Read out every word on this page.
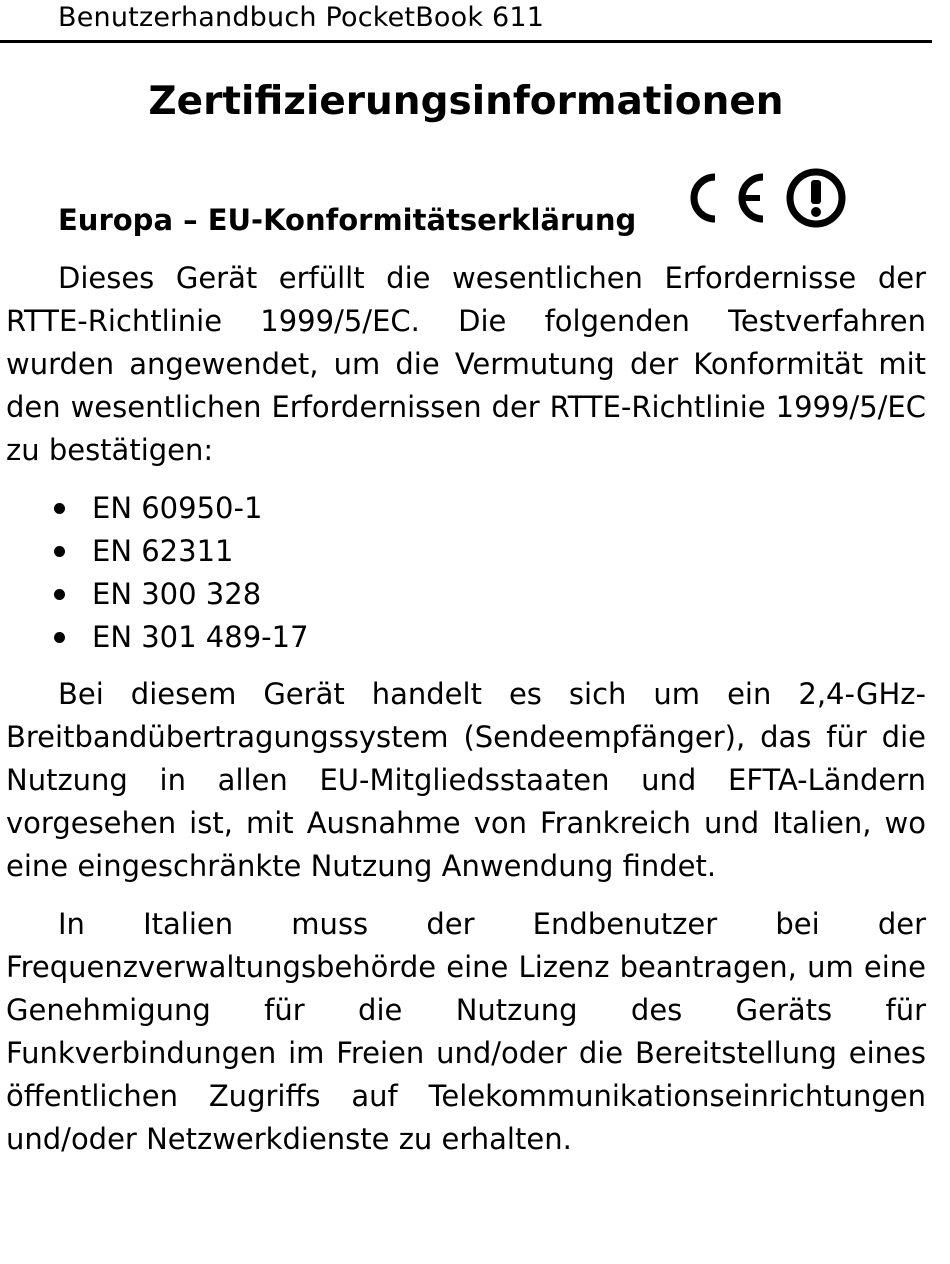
Benutzerhandbuch PocketBook 611
Zertifizierungsinformationen
Europa – EU-Konformitätserklärung

Dieses Gerät erfüllt die wesentlichen Erfordernisse der RTTE-Richtlinie 1999/5/EC. Die folgenden Testverfahren wurden angewendet, um die Vermutung der Konformität mit den wesentlichen Erfordernissen der RTTE-Richtlinie 1999/5/EC zu bestätigen:

EN 60950-1
EN 62311
EN 300 328
EN 301 489-17

Bei diesem Gerät handelt es sich um ein 2,4-GHz-Breitbandübertragungssystem (Sendeempfänger), das für die Nutzung in allen EU-Mitgliedsstaaten und EFTA-Ländern vorgesehen ist, mit Ausnahme von Frankreich und Italien, wo eine eingeschränkte Nutzung Anwendung findet.

In Italien muss der Endbenutzer bei der Frequenzverwaltungsbehörde eine Lizenz beantragen, um eine Genehmigung für die Nutzung des Geräts für Funkverbindungen im Freien und/oder die Bereitstellung eines öffentlichen Zugriffs auf Telekommunikationseinrichtungen und/oder Netzwerkdienste zu erhalten.
